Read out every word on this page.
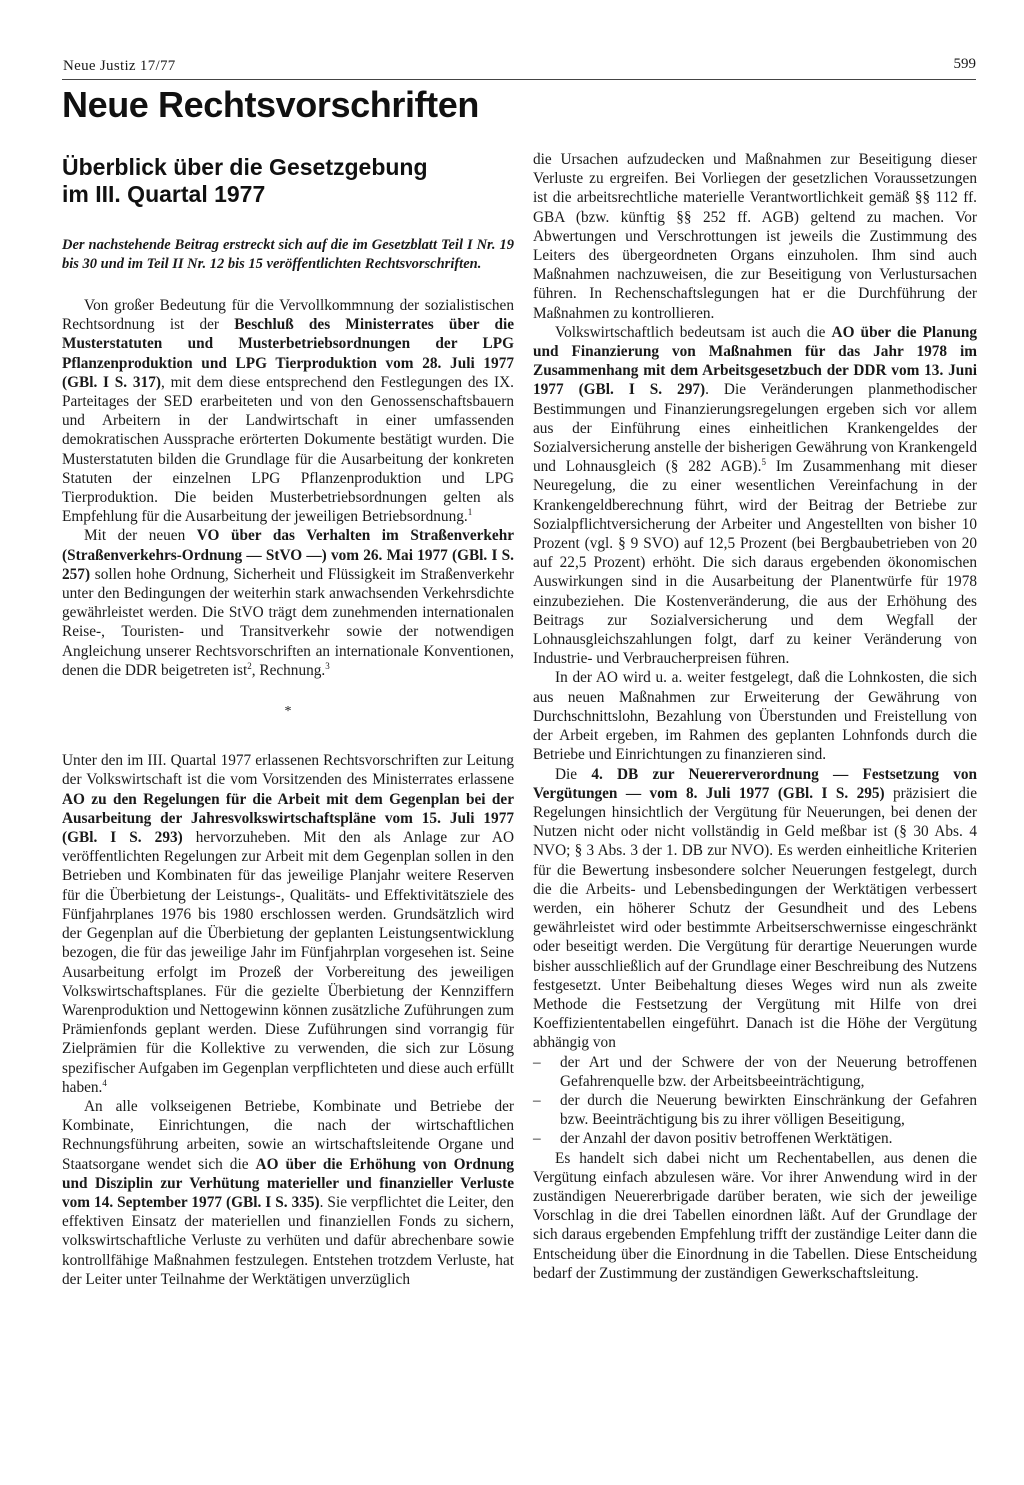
Neue Justiz 17/77	599
Neue Rechtsvorschriften
Überblick über die Gesetzgebung
im III. Quartal 1977

Der nachstehende Beitrag erstreckt sich auf die im Gesetzblatt Teil I Nr. 19 bis 30 und im Teil II Nr. 12 bis 15 veröffentlichten Rechtsvorschriften.

Von großer Bedeutung für die Vervollkommnung der sozialistischen Rechtsordnung ist der Beschluß des Ministerrates über die Musterstatuten und Musterbetriebsordnungen der LPG Pflanzenproduktion und LPG Tierproduktion vom 28. Juli 1977 (GBl. I S. 317), mit dem diese entsprechend den Festlegungen des IX. Parteitages der SED erarbeiteten und von den Genossenschaftsbauern und Arbeitern in der Landwirtschaft in einer umfassenden demokratischen Aussprache erörterten Dokumente bestätigt wurden. Die Musterstatuten bilden die Grundlage für die Ausarbeitung der konkreten Statuten der einzelnen LPG Pflanzenproduktion und LPG Tierproduktion. Die beiden Musterbetriebsordnungen gelten als Empfehlung für die Ausarbeitung der jeweiligen Betriebsordnung.$^1$

Mit der neuen VO über das Verhalten im Straßenverkehr (Straßenverkehrs-Ordnung — StVO —) vom 26. Mai 1977 (GBl. I S. 257) sollen hohe Ordnung, Sicherheit und Flüssigkeit im Straßenverkehr unter den Bedingungen der weiterhin stark anwachsenden Verkehrsdichte gewährleistet werden. Die StVO trägt dem zunehmenden internationalen Reise-, Touristen- und Transitverkehr sowie der notwendigen Angleichung unserer Rechtsvorschriften an internationale Konventionen, denen die DDR beigetreten ist$^2$, Rechnung.$^3$

*

Unter den im III. Quartal 1977 erlassenen Rechtsvorschriften zur Leitung der Volkswirtschaft ist die vom Vorsitzenden des Ministerrates erlassene AO zu den Regelungen für die Arbeit mit dem Gegenplan bei der Ausarbeitung der Jahresvolkswirtschaftspläne vom 15. Juli 1977 (GBl. I S. 293) hervorzuheben. Mit den als Anlage zur AO veröffentlichten Regelungen zur Arbeit mit dem Gegenplan sollen in den Betrieben und Kombinaten für das jeweilige Planjahr weitere Reserven für die Überbietung der Leistungs-, Qualitäts- und Effektivitätsziele des Fünfjahrplanes 1976 bis 1980 erschlossen werden. Grundsätzlich wird der Gegenplan auf die Überbietung der geplanten Leistungsentwicklung bezogen, die für das jeweilige Jahr im Fünfjahrplan vorgesehen ist. Seine Ausarbeitung erfolgt im Prozeß der Vorbereitung des jeweiligen Volkswirtschaftsplanes. Für die gezielte Überbietung der Kennziffern Warenproduktion und Nettogewinn können zusätzliche Zuführungen zum Prämienfonds geplant werden. Diese Zuführungen sind vorrangig für Zielprämien für die Kollektive zu verwenden, die sich zur Lösung spezifischer Aufgaben im Gegenplan verpflichteten und diese auch erfüllt haben.$^4$

An alle volkseigenen Betriebe, Kombinate und Betriebe der Kombinate, Einrichtungen, die nach der wirtschaftlichen Rechnungsführung arbeiten, sowie an wirtschaftsleitende Organe und Staatsorgane wendet sich die AO über die Erhöhung von Ordnung und Disziplin zur Verhütung materieller und finanzieller Verluste vom 14. September 1977 (GBl. I S. 335). Sie verpflichtet die Leiter, den effektiven Einsatz der materiellen und finanziellen Fonds zu sichern, volkswirtschaftliche Verluste zu verhüten und dafür abrechenbare sowie kontrollfähige Maßnahmen festzulegen. Entstehen trotzdem Verluste, hat der Leiter unter Teilnahme der Werktätigen unverzüglich

die Ursachen aufzudecken und Maßnahmen zur Beseitigung dieser Verluste zu ergreifen. Bei Vorliegen der gesetzlichen Voraussetzungen ist die arbeitsrechtliche materielle Verantwortlichkeit gemäß §§ 112 ff. GBA (bzw. künftig §§ 252 ff. AGB) geltend zu machen. Vor Abwertungen und Verschrottungen ist jeweils die Zustimmung des Leiters des übergeordneten Organs einzuholen. Ihm sind auch Maßnahmen nachzuweisen, die zur Beseitigung von Verlustursachen führen. In Rechenschaftslegungen hat er die Durchführung der Maßnahmen zu kontrollieren.

Volkswirtschaftlich bedeutsam ist auch die AO über die Planung und Finanzierung von Maßnahmen für das Jahr 1978 im Zusammenhang mit dem Arbeitsgesetzbuch der DDR vom 13. Juni 1977 (GBl. I S. 297). Die Veränderungen planmethodischer Bestimmungen und Finanzierungsregelungen ergeben sich vor allem aus der Einführung eines einheitlichen Krankengeldes der Sozialversicherung anstelle der bisherigen Gewährung von Krankengeld und Lohnausgleich (§ 282 AGB).$^5$ Im Zusammenhang mit dieser Neuregelung, die zu einer wesentlichen Vereinfachung in der Krankengeldberechnung führt, wird der Beitrag der Betriebe zur Sozialpflichtversicherung der Arbeiter und Angestellten von bisher 10 Prozent (vgl. § 9 SVO) auf 12,5 Prozent (bei Bergbaubetrieben von 20 auf 22,5 Prozent) erhöht. Die sich daraus ergebenden ökonomischen Auswirkungen sind in die Ausarbeitung der Planentwürfe für 1978 einzubeziehen. Die Kostenveränderung, die aus der Erhöhung des Beitrags zur Sozialversicherung und dem Wegfall der Lohnausgleichszahlungen folgt, darf zu keiner Veränderung von Industrie- und Verbraucherpreisen führen.

In der AO wird u. a. weiter festgelegt, daß die Lohnkosten, die sich aus neuen Maßnahmen zur Erweiterung der Gewährung von Durchschnittslohn, Bezahlung von Überstunden und Freistellung von der Arbeit ergeben, im Rahmen des geplanten Lohnfonds durch die Betriebe und Einrichtungen zu finanzieren sind.

Die 4. DB zur Neuererverordnung — Festsetzung von Vergütungen — vom 8. Juli 1977 (GBl. I S. 295) präzisiert die Regelungen hinsichtlich der Vergütung für Neuerungen, bei denen der Nutzen nicht oder nicht vollständig in Geld meßbar ist (§ 30 Abs. 4 NVO; § 3 Abs. 3 der 1. DB zur NVO). Es werden einheitliche Kriterien für die Bewertung insbesondere solcher Neuerungen festgelegt, durch die die Arbeits- und Lebensbedingungen der Werktätigen verbessert werden, ein höherer Schutz der Gesundheit und des Lebens gewährleistet wird oder bestimmte Arbeitserschwernisse eingeschränkt oder beseitigt werden. Die Vergütung für derartige Neuerungen wurde bisher ausschließlich auf der Grundlage einer Beschreibung des Nutzens festgesetzt. Unter Beibehaltung dieses Weges wird nun als zweite Methode die Festsetzung der Vergütung mit Hilfe von drei Koeffiziententabellen eingeführt. Danach ist die Höhe der Vergütung abhängig von

– der Art und der Schwere der von der Neuerung betroffenen Gefahrenquelle bzw. der Arbeitsbeeinträchtigung,
– der durch die Neuerung bewirkten Einschränkung der Gefahren bzw. Beeinträchtigung bis zu ihrer völligen Beseitigung,
– der Anzahl der davon positiv betroffenen Werktätigen.

Es handelt sich dabei nicht um Rechentabellen, aus denen die Vergütung einfach abzulesen wäre. Vor ihrer Anwendung wird in der zuständigen Neuererbrigade darüber beraten, wie sich der jeweilige Vorschlag in die drei Tabellen einordnen läßt. Auf der Grundlage der sich daraus ergebenden Empfehlung trifft der zuständige Leiter dann die Entscheidung über die Einordnung in die Tabellen. Diese Entscheidung bedarf der Zustimmung der zuständigen Gewerkschaftsleitung.
